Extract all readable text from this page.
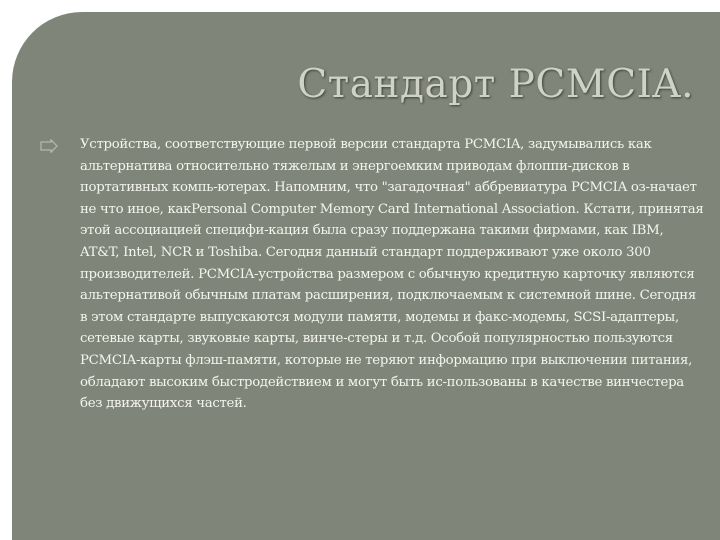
Стандарт PCMCIA.

Устройства, соответствующие первой версии стандарта PCMCIA, задумывались как альтернатива относительно тяжелым и энергоемким приводам флоппи-дисков в портативных компь-ютерах. Напомним, что "загадочная" аббревиатура PCMCIA оз-начает не что иное, какPersonal Computer Memory Card International Association. Кстати, принятая этой ассоциацией специфи-кация была сразу поддержана такими фирмами, как IBM, AT&T, Intel, NCR и Toshiba. Сегодня данный стандарт поддерживают уже около 300 производителей. PCMCIA-устройства размером с обычную кредитную карточку являются альтернативой обычным платам расширения, подключаемым к системной шине. Сегодня в этом стандарте выпускаются модули памяти, модемы и факс-модемы, SCSI-адаптеры, сетевые карты, звуковые карты, винче-стеры и т.д. Особой популярностью пользуются PCMCIA-карты флэш-памяти, которые не теряют информацию при выключении питания, обладают высоким быстродействием и могут быть ис-пользованы в качестве винчестера без движущихся частей.
